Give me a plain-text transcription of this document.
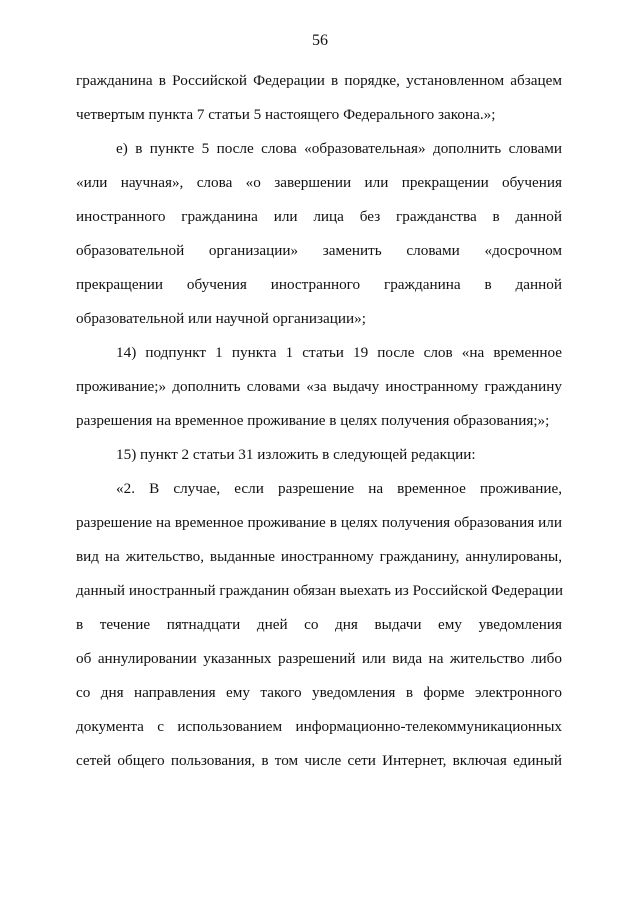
56
гражданина в Российской Федерации в порядке, установленном абзацем
четвертым пункта 7 статьи 5 настоящего Федерального закона.»;
е) в пункте 5 после слова «образовательная» дополнить словами
«или научная», слова «о завершении или прекращении обучения
иностранного гражданина или лица без гражданства в данной
образовательной организации» заменить словами «досрочном
прекращении обучения иностранного гражданина в данной
образовательной или научной организации»;
14) подпункт 1 пункта 1 статьи 19 после слов «на временное
проживание;» дополнить словами «за выдачу иностранному гражданину
разрешения на временное проживание в целях получения образования;»;
15) пункт 2 статьи 31 изложить в следующей редакции:
«2. В случае, если разрешение на временное проживание,
разрешение на временное проживание в целях получения образования или
вид на жительство, выданные иностранному гражданину, аннулированы,
данный иностранный гражданин обязан выехать из Российской Федерации
в течение пятнадцати дней со дня выдачи ему уведомления
об аннулировании указанных разрешений или вида на жительство либо
со дня направления ему такого уведомления в форме электронного
документа с использованием информационно-телекоммуникационных
сетей общего пользования, в том числе сети Интернет, включая единый
